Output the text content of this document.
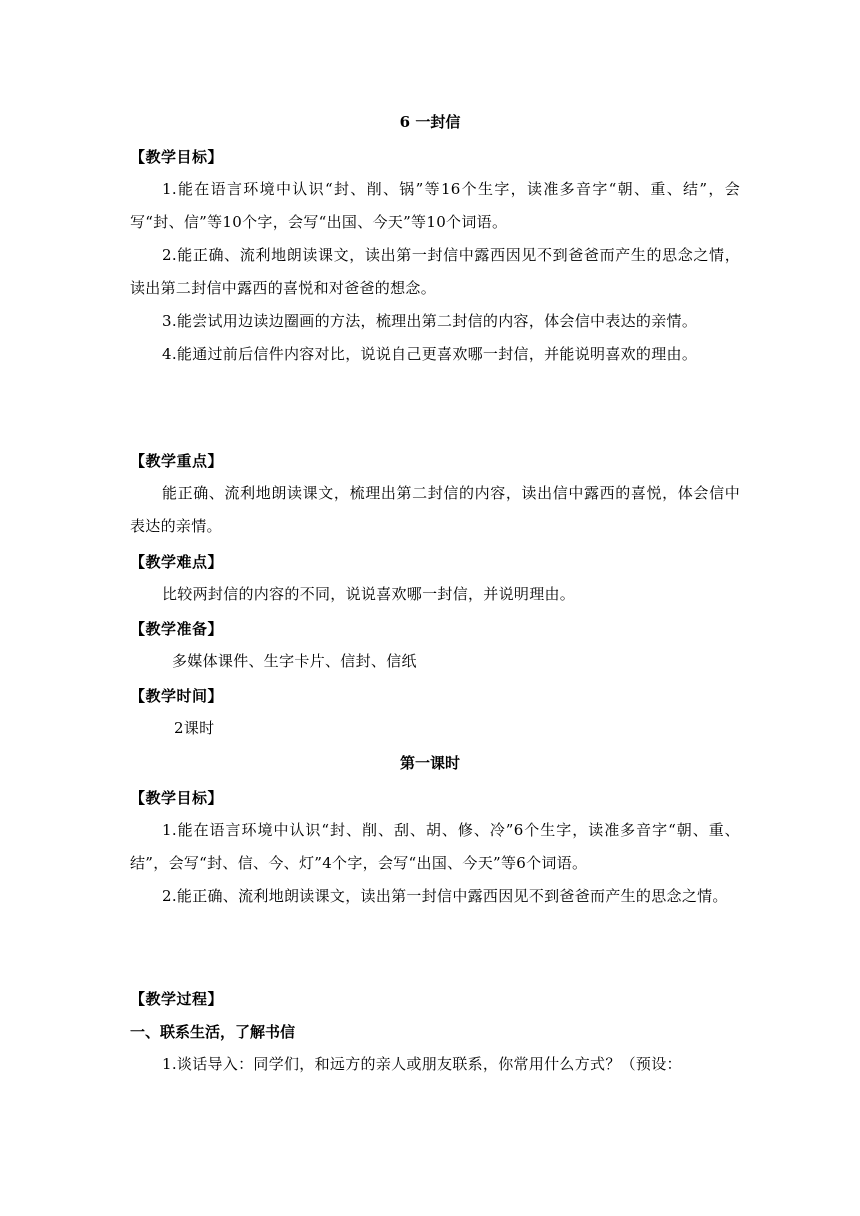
6 一封信

【教学目标】

1.能在语言环境中认识“封、削、锅”等16个生字，读准多音字“朝、重、结”，会写“封、信”等10个字，会写“出国、今天”等10个词语。

2.能正确、流利地朗读课文，读出第一封信中露西因见不到爸爸而产生的思念之情，读出第二封信中露西的喜悦和对爸爸的想念。

3.能尝试用边读边圈画的方法，梳理出第二封信的内容，体会信中表达的亲情。

4.能通过前后信件内容对比，说说自己更喜欢哪一封信，并能说明喜欢的理由。

【教学重点】

能正确、流利地朗读课文，梳理出第二封信的内容，读出信中露西的喜悦，体会信中表达的亲情。

【教学难点】

比较两封信的内容的不同，说说喜欢哪一封信，并说明理由。

【教学准备】

多媒体课件、生字卡片、信封、信纸

【教学时间】

2课时

第一课时

【教学目标】

1.能在语言环境中认识“封、削、刮、胡、修、冷”6个生字，读准多音字“朝、重、结”，会写“封、信、今、灯”4个字，会写“出国、今天”等6个词语。

2.能正确、流利地朗读课文，读出第一封信中露西因见不到爸爸而产生的思念之情。

【教学过程】

一、联系生活，了解书信

1.谈话导入：同学们，和远方的亲人或朋友联系，你常用什么方式？（预设：
